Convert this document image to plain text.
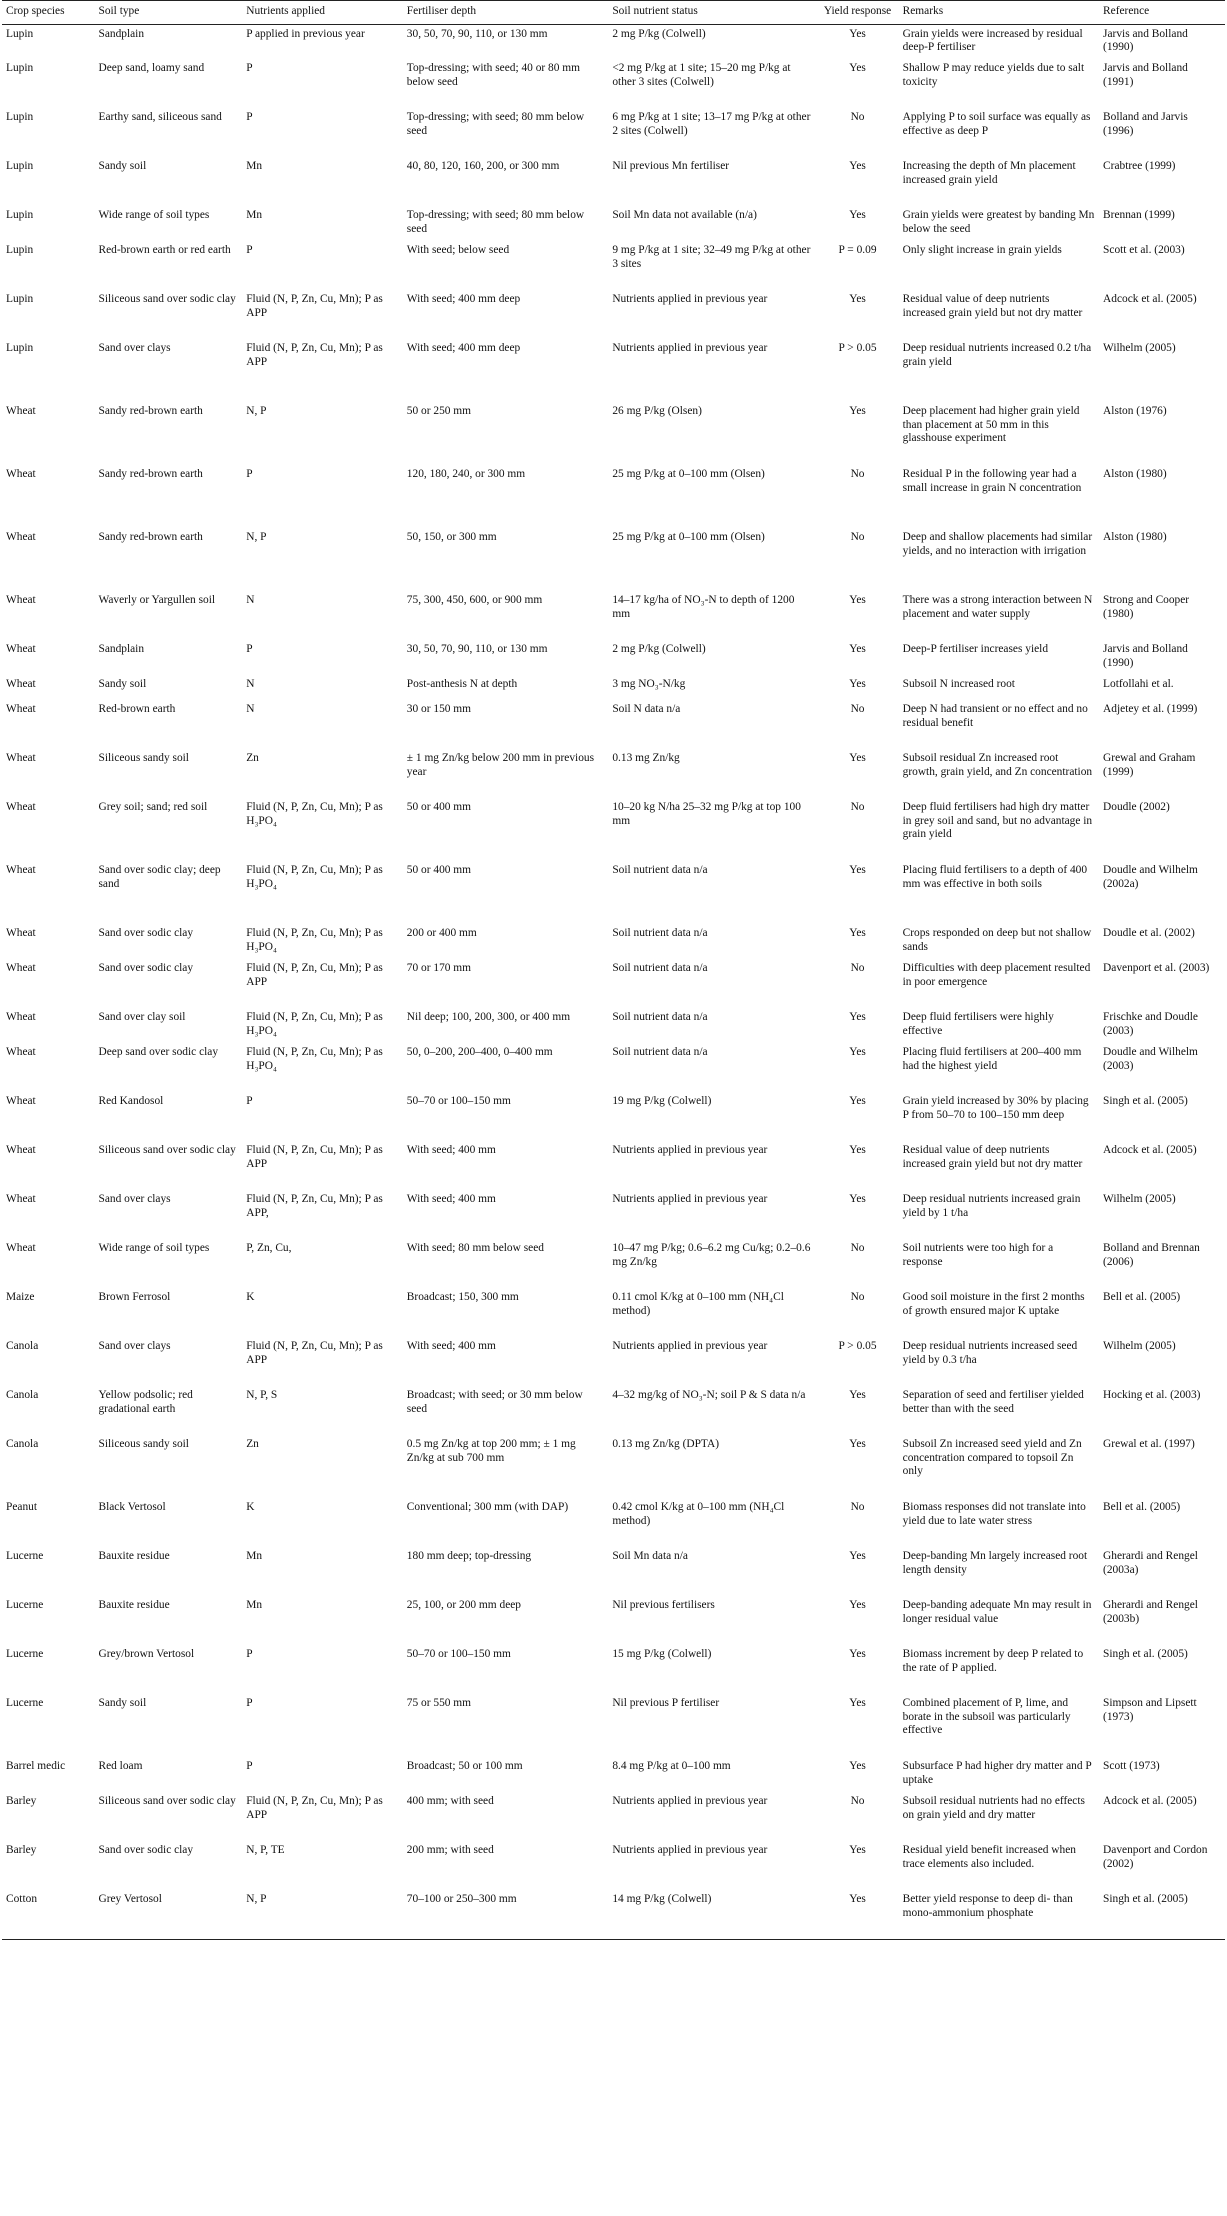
Crop species	Soil type	Nutrients applied	Fertiliser depth	Soil nutrient status	Yield response	Remarks	Reference
Lupin	Sandplain	P applied in previous year	30, 50, 70, 90, 110, or 130 mm	2 mg P/kg (Colwell)	Yes	Grain yields were increased by residual deep-P fertiliser	Jarvis and Bolland (1990)
Lupin	Deep sand, loamy sand	P	Top-dressing; with seed; 40 or 80 mm below seed	<2 mg P/kg at 1 site; 15–20 mg P/kg at other 3 sites (Colwell)	Yes	Shallow P may reduce yields due to salt toxicity	Jarvis and Bolland (1991)
Lupin	Earthy sand, siliceous sand	P	Top-dressing; with seed; 80 mm below seed	6 mg P/kg at 1 site; 13–17 mg P/kg at other 2 sites (Colwell)	No	Applying P to soil surface was equally as effective as deep P	Bolland and Jarvis (1996)
Lupin	Sandy soil	Mn	40, 80, 120, 160, 200, or 300 mm	Nil previous Mn fertiliser	Yes	Increasing the depth of Mn placement increased grain yield	Crabtree (1999)
Lupin	Wide range of soil types	Mn	Top-dressing; with seed; 80 mm below seed	Soil Mn data not available (n/a)	Yes	Grain yields were greatest by banding Mn below the seed	Brennan (1999)
Lupin	Red-brown earth or red earth	P	With seed; below seed	9 mg P/kg at 1 site; 32–49 mg P/kg at other 3 sites	P = 0.09	Only slight increase in grain yields	Scott et al. (2003)
Lupin	Siliceous sand over sodic clay	Fluid (N, P, Zn, Cu, Mn); P as APP	With seed; 400 mm deep	Nutrients applied in previous year	Yes	Residual value of deep nutrients increased grain yield but not dry matter	Adcock et al. (2005)
Lupin	Sand over clays	Fluid (N, P, Zn, Cu, Mn); P as APP	With seed; 400 mm deep	Nutrients applied in previous year	P > 0.05	Deep residual nutrients increased 0.2 t/ha grain yield	Wilhelm (2005)
Wheat	Sandy red-brown earth	N, P	50 or 250 mm	26 mg P/kg (Olsen)	Yes	Deep placement had higher grain yield than placement at 50 mm in this glasshouse experiment	Alston (1976)
Wheat	Sandy red-brown earth	P	120, 180, 240, or 300 mm	25 mg P/kg at 0–100 mm (Olsen)	No	Residual P in the following year had a small increase in grain N concentration	Alston (1980)
Wheat	Sandy red-brown earth	N, P	50, 150, or 300 mm	25 mg P/kg at 0–100 mm (Olsen)	No	Deep and shallow placements had similar yields, and no interaction with irrigation	Alston (1980)
Wheat	Waverly or Yargullen soil	N	75, 300, 450, 600, or 900 mm	14–17 kg/ha of NO₃-N to depth of 1200 mm	Yes	There was a strong interaction between N placement and water supply	Strong and Cooper (1980)
Wheat	Sandplain	P	30, 50, 70, 90, 110, or 130 mm	2 mg P/kg (Colwell)	Yes	Deep-P fertiliser increases yield	Jarvis and Bolland (1990)
Wheat	Sandy soil	N	Post-anthesis N at depth	3 mg NO₃-N/kg	Yes	Subsoil N increased root	Lotfollahi et al.
Wheat	Red-brown earth	N	30 or 150 mm	Soil N data n/a	No	Deep N had transient or no effect and no residual benefit	Adjetey et al. (1999)
Wheat	Siliceous sandy soil	Zn	± 1 mg Zn/kg below 200 mm in previous year	0.13 mg Zn/kg	Yes	Subsoil residual Zn increased root growth, grain yield, and Zn concentration	Grewal and Graham (1999)
Wheat	Grey soil; sand; red soil	Fluid (N, P, Zn, Cu, Mn); P as H₃PO₄	50 or 400 mm	10–20 kg N/ha 25–32 mg P/kg at top 100 mm	No	Deep fluid fertilisers had high dry matter in grey soil and sand, but no advantage in grain yield	Doudle (2002)
Wheat	Sand over sodic clay; deep sand	Fluid (N, P, Zn, Cu, Mn); P as H₃PO₄	50 or 400 mm	Soil nutrient data n/a	Yes	Placing fluid fertilisers to a depth of 400 mm was effective in both soils	Doudle and Wilhelm (2002a)
Wheat	Sand over sodic clay	Fluid (N, P, Zn, Cu, Mn); P as H₃PO₄	200 or 400 mm	Soil nutrient data n/a	Yes	Crops responded on deep but not shallow sands	Doudle et al. (2002)
Wheat	Sand over sodic clay	Fluid (N, P, Zn, Cu, Mn); P as APP	70 or 170 mm	Soil nutrient data n/a	No	Difficulties with deep placement resulted in poor emergence	Davenport et al. (2003)
Wheat	Sand over clay soil	Fluid (N, P, Zn, Cu, Mn); P as H₃PO₄	Nil deep; 100, 200, 300, or 400 mm	Soil nutrient data n/a	Yes	Deep fluid fertilisers were highly effective	Frischke and Doudle (2003)
Wheat	Deep sand over sodic clay	Fluid (N, P, Zn, Cu, Mn); P as H₃PO₄	50, 0–200, 200–400, 0–400 mm	Soil nutrient data n/a	Yes	Placing fluid fertilisers at 200–400 mm had the highest yield	Doudle and Wilhelm (2003)
Wheat	Red Kandosol	P	50–70 or 100–150 mm	19 mg P/kg (Colwell)	Yes	Grain yield increased by 30% by placing P from 50–70 to 100–150 mm deep	Singh et al. (2005)
Wheat	Siliceous sand over sodic clay	Fluid (N, P, Zn, Cu, Mn); P as APP	With seed; 400 mm	Nutrients applied in previous year	Yes	Residual value of deep nutrients increased grain yield but not dry matter	Adcock et al. (2005)
Wheat	Sand over clays	Fluid (N, P, Zn, Cu, Mn); P as APP,	With seed; 400 mm	Nutrients applied in previous year	Yes	Deep residual nutrients increased grain yield by 1 t/ha	Wilhelm (2005)
Wheat	Wide range of soil types	P, Zn, Cu,	With seed; 80 mm below seed	10–47 mg P/kg; 0.6–6.2 mg Cu/kg; 0.2–0.6 mg Zn/kg	No	Soil nutrients were too high for a response	Bolland and Brennan (2006)
Maize	Brown Ferrosol	K	Broadcast; 150, 300 mm	0.11 cmol K/kg at 0–100 mm (NH₄Cl method)	No	Good soil moisture in the first 2 months of growth ensured major K uptake	Bell et al. (2005)
Canola	Sand over clays	Fluid (N, P, Zn, Cu, Mn); P as APP	With seed; 400 mm	Nutrients applied in previous year	P > 0.05	Deep residual nutrients increased seed yield by 0.3 t/ha	Wilhelm (2005)
Canola	Yellow podsolic; red gradational earth	N, P, S	Broadcast; with seed; or 30 mm below seed	4–32 mg/kg of NO₃-N; soil P & S data n/a	Yes	Separation of seed and fertiliser yielded better than with the seed	Hocking et al. (2003)
Canola	Siliceous sandy soil	Zn	0.5 mg Zn/kg at top 200 mm; ± 1 mg Zn/kg at sub 700 mm	0.13 mg Zn/kg (DPTA)	Yes	Subsoil Zn increased seed yield and Zn concentration compared to topsoil Zn only	Grewal et al. (1997)
Peanut	Black Vertosol	K	Conventional; 300 mm (with DAP)	0.42 cmol K/kg at 0–100 mm (NH₄Cl method)	No	Biomass responses did not translate into yield due to late water stress	Bell et al. (2005)
Lucerne	Bauxite residue	Mn	180 mm deep; top-dressing	Soil Mn data n/a	Yes	Deep-banding Mn largely increased root length density	Gherardi and Rengel (2003a)
Lucerne	Bauxite residue	Mn	25, 100, or 200 mm deep	Nil previous fertilisers	Yes	Deep-banding adequate Mn may result in longer residual value	Gherardi and Rengel (2003b)
Lucerne	Grey/brown Vertosol	P	50–70 or 100–150 mm	15 mg P/kg (Colwell)	Yes	Biomass increment by deep P related to the rate of P applied.	Singh et al. (2005)
Lucerne	Sandy soil	P	75 or 550 mm	Nil previous P fertiliser	Yes	Combined placement of P, lime, and borate in the subsoil was particularly effective	Simpson and Lipsett (1973)
Barrel medic	Red loam	P	Broadcast; 50 or 100 mm	8.4 mg P/kg at 0–100 mm	Yes	Subsurface P had higher dry matter and P uptake	Scott (1973)
Barley	Siliceous sand over sodic clay	Fluid (N, P, Zn, Cu, Mn); P as APP	400 mm; with seed	Nutrients applied in previous year	No	Subsoil residual nutrients had no effects on grain yield and dry matter	Adcock et al. (2005)
Barley	Sand over sodic clay	N, P, TE	200 mm; with seed	Nutrients applied in previous year	Yes	Residual yield benefit increased when trace elements also included.	Davenport and Cordon (2002)
Cotton	Grey Vertosol	N, P	70–100 or 250–300 mm	14 mg P/kg (Colwell)	Yes	Better yield response to deep di- than mono-ammonium phosphate	Singh et al. (2005)
